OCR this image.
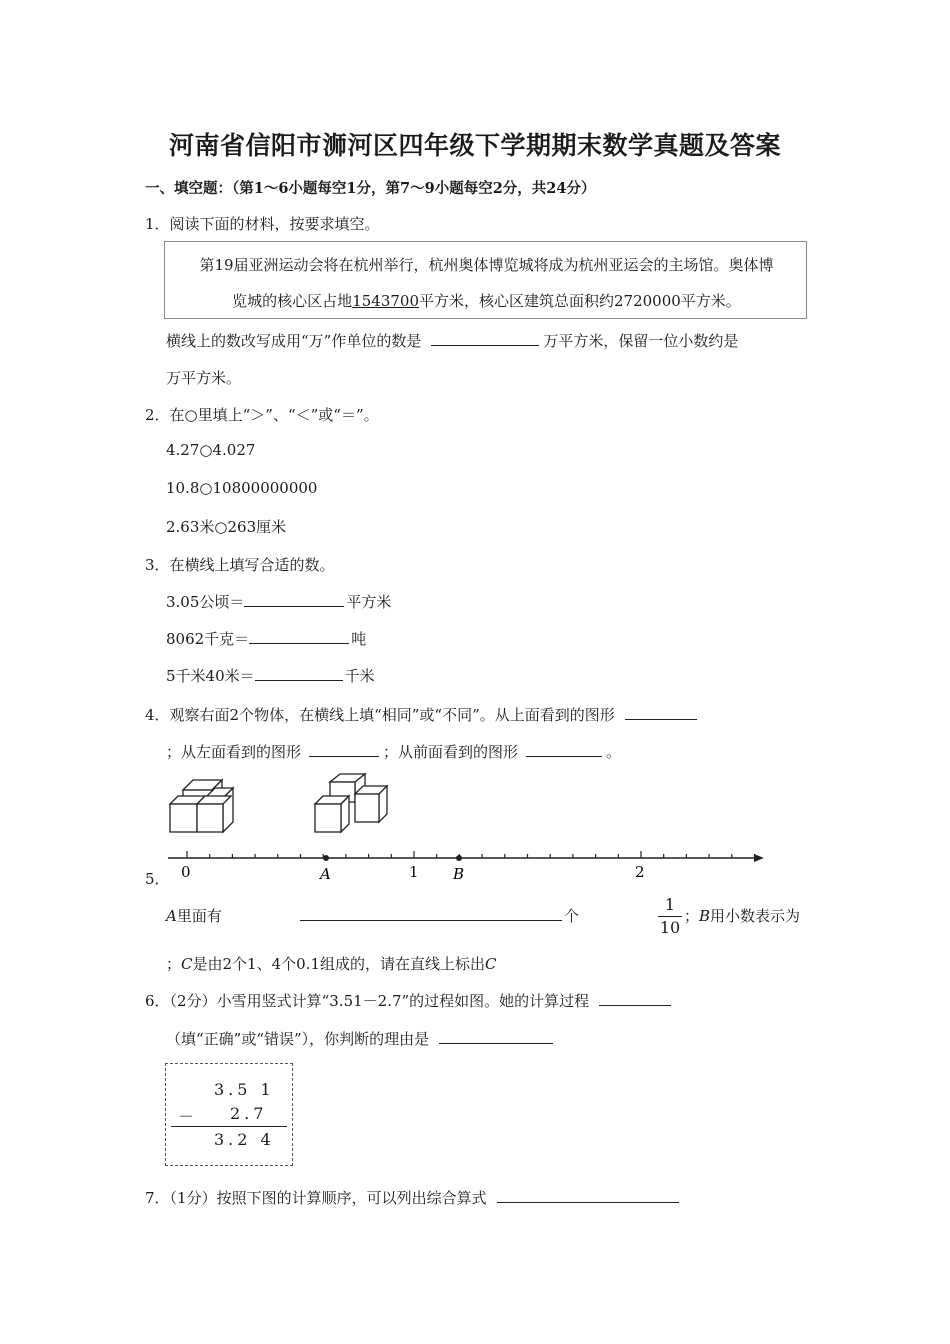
河南省信阳市浉河区四年级下学期期末数学真题及答案
一、填空题：（第1～6小题每空1分，第7～9小题每空2分，共24分）
1．阅读下面的材料，按要求填空。
第19届亚洲运动会将在杭州举行，杭州奥体博览城将成为杭州亚运会的主场馆。奥体博
览城的核心区占地1543700平方米，核心区建筑总面积约2720000平方米。
横线上的数改写成用“万”作单位的数是	万平方米，保留一位小数约是
万平方米。
2．在○里填上“＞”、“＜”或“＝”。
4.27○4.027
10.8○10800000000
2.63米○263厘米
3．在横线上填写合适的数。
3.05公顷＝	平方米
8062千克＝	吨
5千米40米＝	千米
4．观察右面2个物体，在横线上填“相同”或“不同”。从上面看到的图形
；从左面看到的图形	；从前面看到的图形	。
5． 0	1	2
A	B
A里面有	个
1
10
；B用小数表示为
；C是由2个1、4个0.1组成的，请在直线上标出C
6．（2分）小雪用竖式计算“3.51－2.7”的过程如图。她的计算过程
（填“正确”或“错误”），你判断的理由是
3.5 1
－ 2.7
3.2 4
7．（1分）按照下图的计算顺序，可以列出综合算式
